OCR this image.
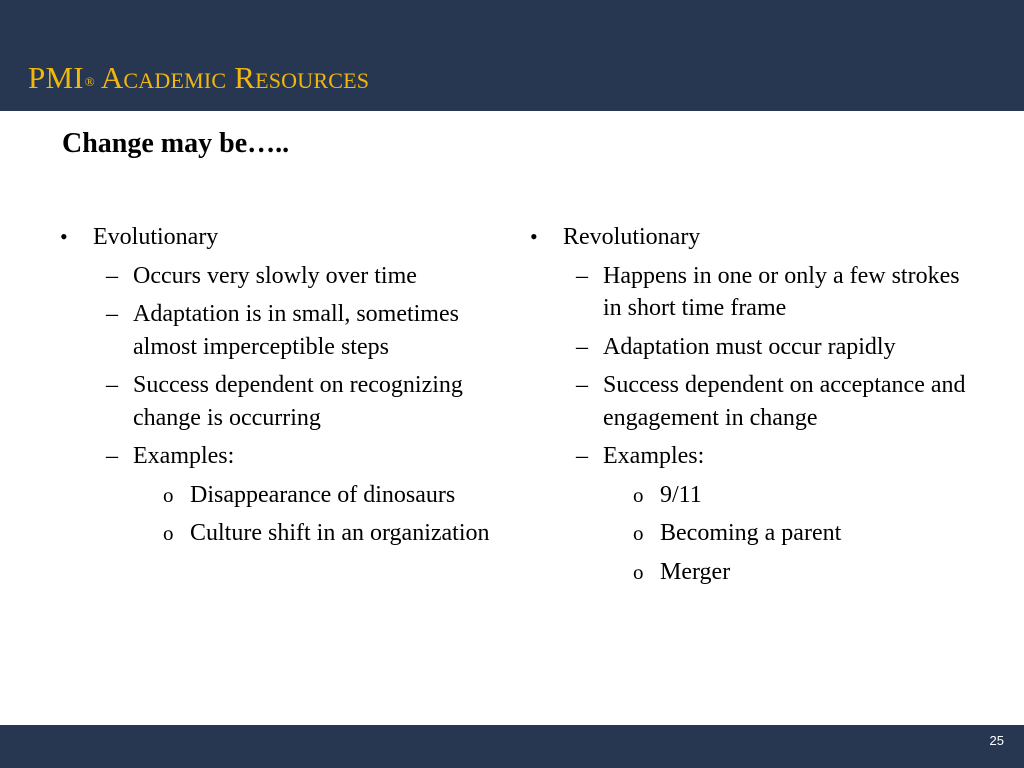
PMI® Academic Resources
Change may be…..
• Evolutionary
– Occurs very slowly over time
– Adaptation is in small, sometimes almost imperceptible steps
– Success dependent on recognizing change is occurring
– Examples:
o Disappearance of dinosaurs
o Culture shift in an organization
• Revolutionary
– Happens in one or only a few strokes in short time frame
– Adaptation must occur rapidly
– Success dependent on acceptance and engagement in change
– Examples:
o 9/11
o Becoming a parent
o Merger
25
